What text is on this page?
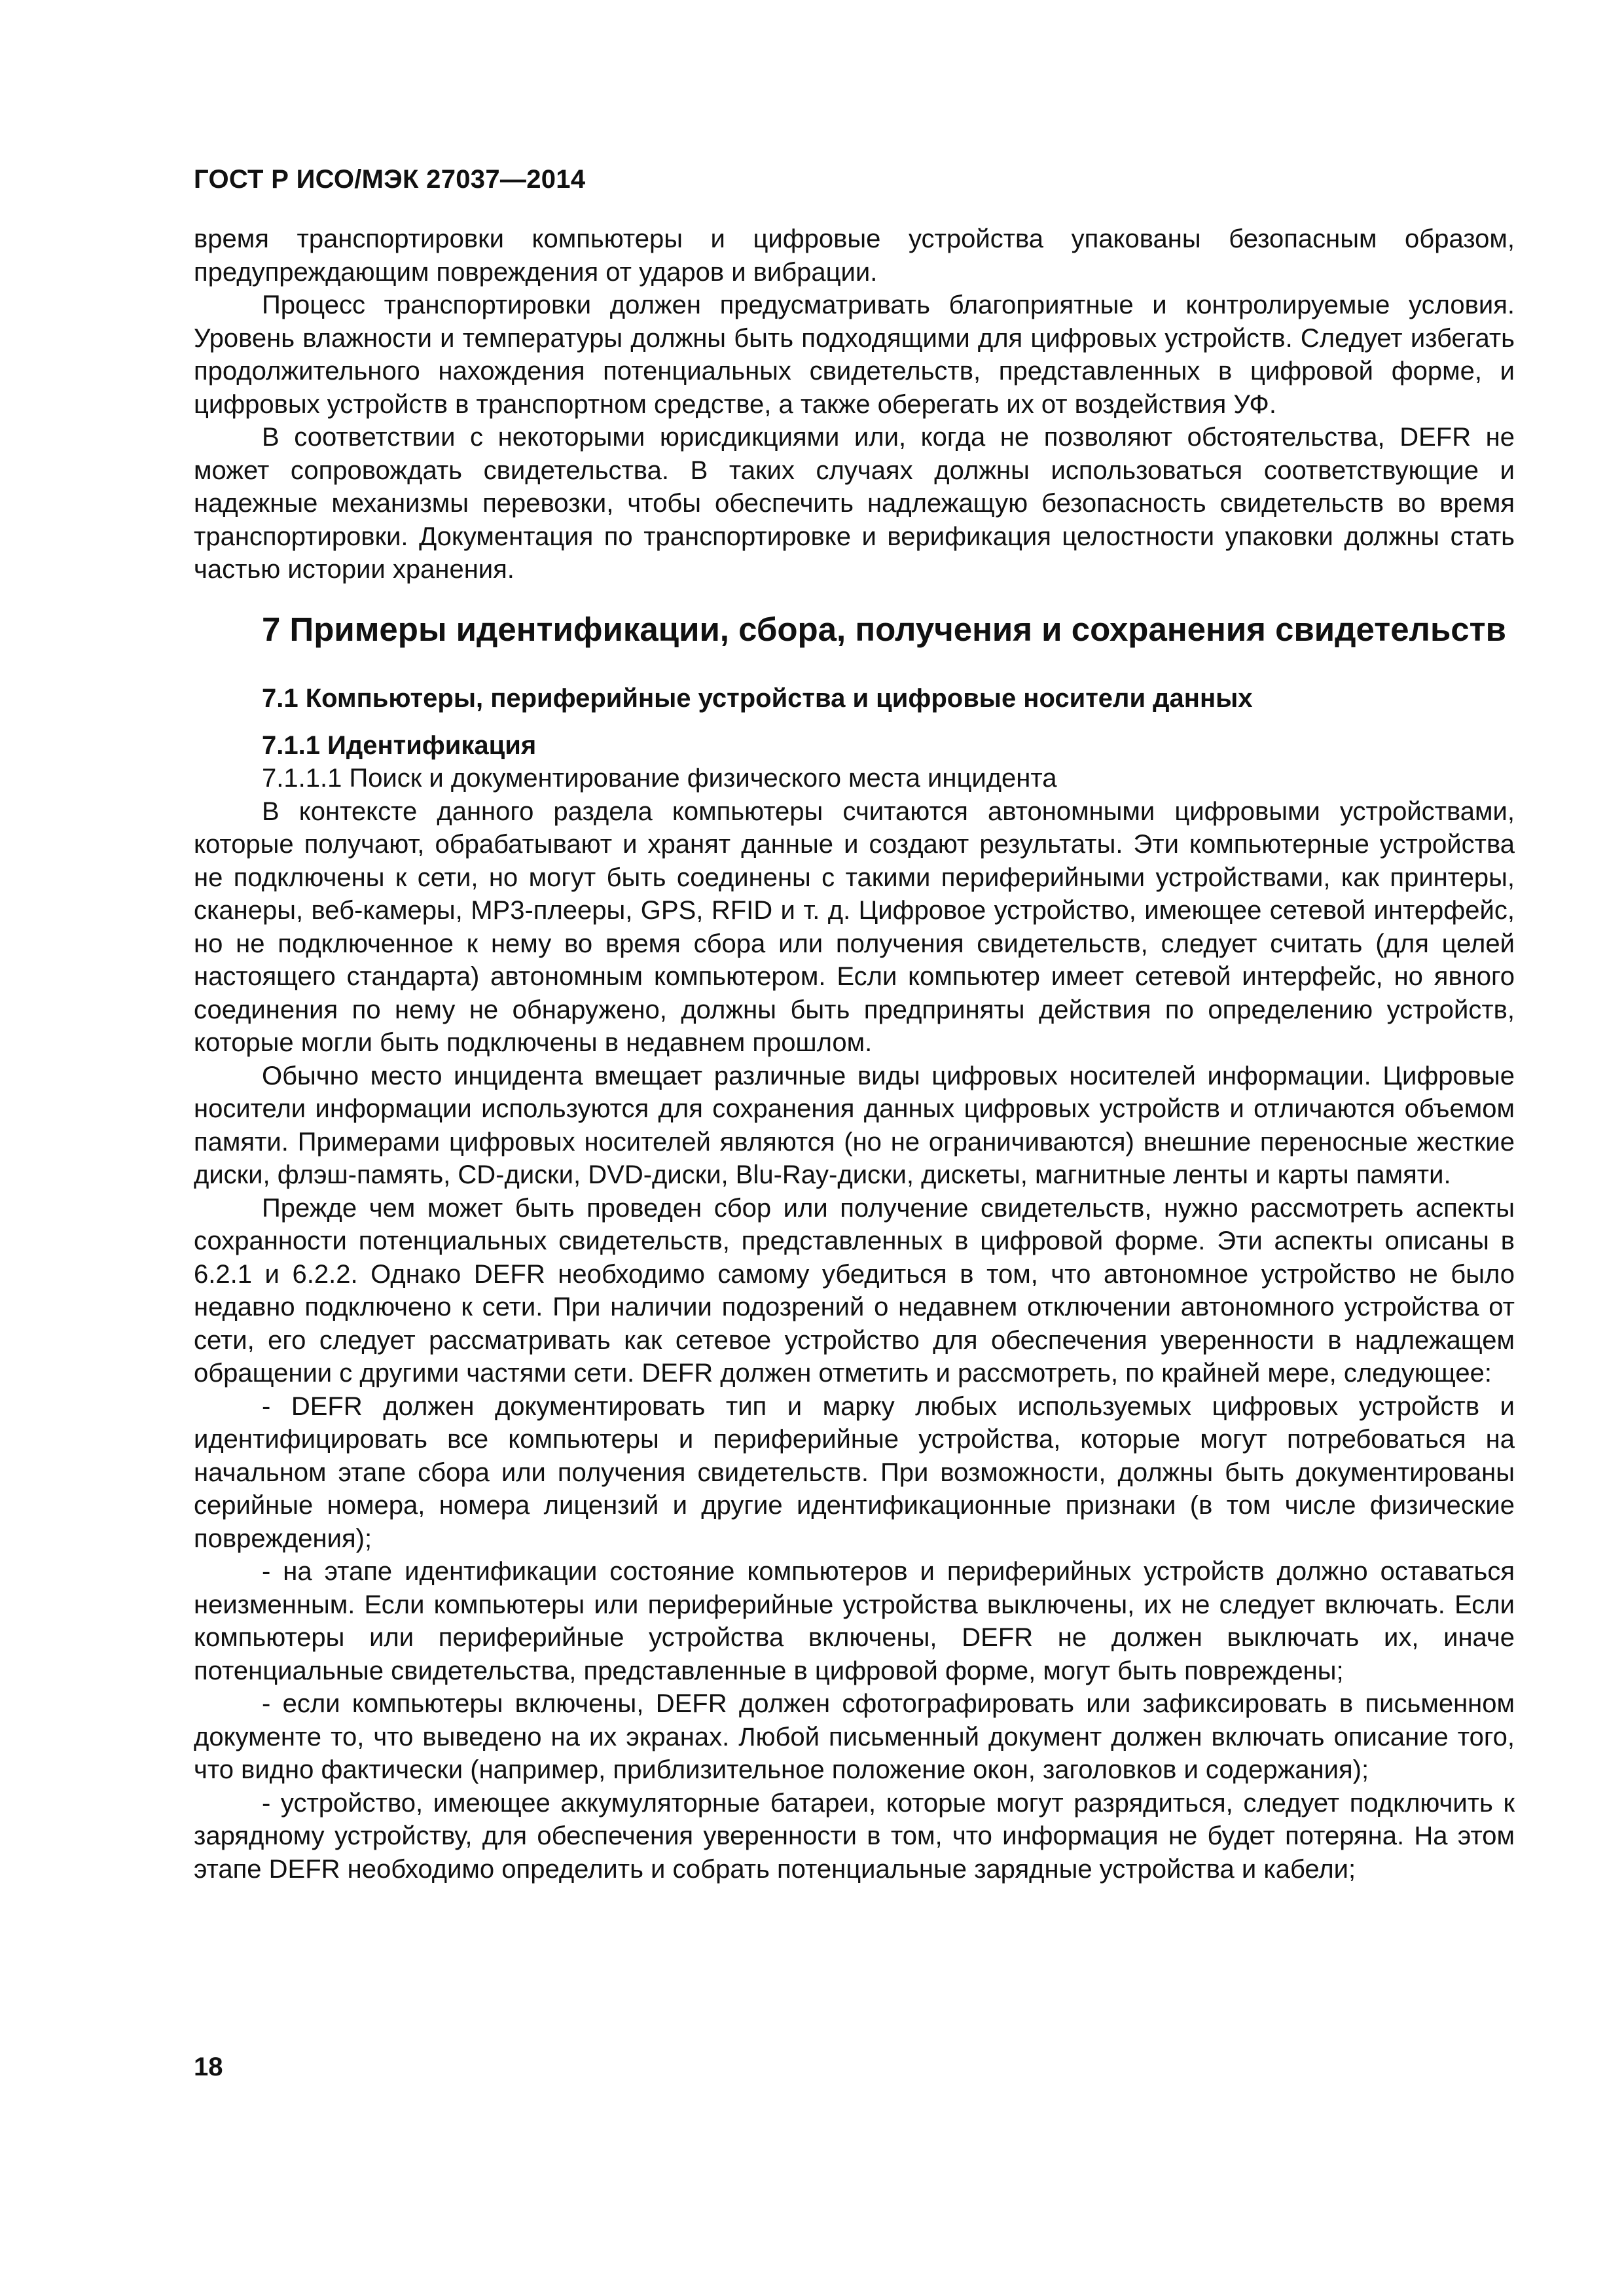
ГОСТ Р ИСО/МЭК 27037—2014

время транспортировки компьютеры и цифровые устройства упакованы безопасным образом, предупреждающим повреждения от ударов и вибрации.

Процесс транспортировки должен предусматривать благоприятные и контролируемые условия. Уровень влажности и температуры должны быть подходящими для цифровых устройств. Следует избегать продолжительного нахождения потенциальных свидетельств, представленных в цифровой форме, и цифровых устройств в транспортном средстве, а также оберегать их от воздействия УФ.

В соответствии с некоторыми юрисдикциями или, когда не позволяют обстоятельства, DEFR не может сопровождать свидетельства. В таких случаях должны использоваться соответствующие и надежные механизмы перевозки, чтобы обеспечить надлежащую безопасность свидетельств во время транспортировки. Документация по транспортировке и верификация целостности упаковки должны стать частью истории хранения.

7 Примеры идентификации, сбора, получения и сохранения свидетельств
7.1 Компьютеры, периферийные устройства и цифровые носители данных
7.1.1 Идентификация
7.1.1.1 Поиск и документирование физического места инцидента

В контексте данного раздела компьютеры считаются автономными цифровыми устройствами, которые получают, обрабатывают и хранят данные и создают результаты. Эти компьютерные устройства не подключены к сети, но могут быть соединены с такими периферийными устройствами, как принтеры, сканеры, веб-камеры, MP3-плееры, GPS, RFID и т. д. Цифровое устройство, имеющее сетевой интерфейс, но не подключенное к нему во время сбора или получения свидетельств, следует считать (для целей настоящего стандарта) автономным компьютером. Если компьютер имеет сетевой интерфейс, но явного соединения по нему не обнаружено, должны быть предприняты действия по определению устройств, которые могли быть подключены в недавнем прошлом.

Обычно место инцидента вмещает различные виды цифровых носителей информации. Цифровые носители информации используются для сохранения данных цифровых устройств и отличаются объемом памяти. Примерами цифровых носителей являются (но не ограничиваются) внешние переносные жесткие диски, флэш-память, CD-диски, DVD-диски, Blu-Ray-диски, дискеты, магнитные ленты и карты памяти.

Прежде чем может быть проведен сбор или получение свидетельств, нужно рассмотреть аспекты сохранности потенциальных свидетельств, представленных в цифровой форме. Эти аспекты описаны в 6.2.1 и 6.2.2. Однако DEFR необходимо самому убедиться в том, что автономное устройство не было недавно подключено к сети. При наличии подозрений о недавнем отключении автономного устройства от сети, его следует рассматривать как сетевое устройство для обеспечения уверенности в надлежащем обращении с другими частями сети. DEFR должен отметить и рассмотреть, по крайней мере, следующее:

- DEFR должен документировать тип и марку любых используемых цифровых устройств и идентифицировать все компьютеры и периферийные устройства, которые могут потребоваться на начальном этапе сбора или получения свидетельств. При возможности, должны быть документированы серийные номера, номера лицензий и другие идентификационные признаки (в том числе физические повреждения);

- на этапе идентификации состояние компьютеров и периферийных устройств должно оставаться неизменным. Если компьютеры или периферийные устройства выключены, их не следует включать. Если компьютеры или периферийные устройства включены, DEFR не должен выключать их, иначе потенциальные свидетельства, представленные в цифровой форме, могут быть повреждены;

- если компьютеры включены, DEFR должен сфотографировать или зафиксировать в письменном документе то, что выведено на их экранах. Любой письменный документ должен включать описание того, что видно фактически (например, приблизительное положение окон, заголовков и содержания);

- устройство, имеющее аккумуляторные батареи, которые могут разрядиться, следует подключить к зарядному устройству, для обеспечения уверенности в том, что информация не будет потеряна. На этом этапе DEFR необходимо определить и собрать потенциальные зарядные устройства и кабели;

18
